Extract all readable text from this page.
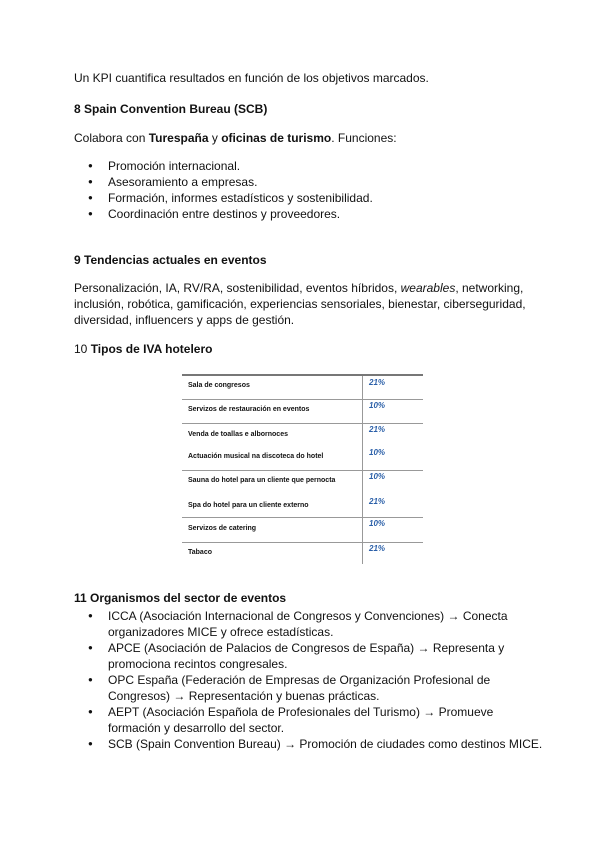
Un KPI cuantifica resultados en función de los objetivos marcados.

8 Spain Convention Bureau (SCB)

Colabora con Turespaña y oficinas de turismo. Funciones:

● Promoción internacional.
● Asesoramiento a empresas.
● Formación, informes estadísticos y sostenibilidad.
● Coordinación entre destinos y proveedores.

9 Tendencias actuales en eventos

Personalización, IA, RV/RA, sostenibilidad, eventos híbridos, wearables, networking, inclusión, robótica, gamificación, experiencias sensoriales, bienestar, ciberseguridad, diversidad, influencers y apps de gestión.

10 Tipos de IVA hotelero

Sala de congresos	21%
Servizos de restauración en eventos	10%
Venda de toallas e albornoces	21%
Actuación musical na discoteca do hotel	10%
Sauna do hotel para un cliente que pernocta	10%
Spa do hotel para un cliente externo	21%
Servizos de catering	10%
Tabaco	21%

11 Organismos del sector de eventos

● ICCA (Asociación Internacional de Congresos y Convenciones) → Conecta organizadores MICE y ofrece estadísticas.
● APCE (Asociación de Palacios de Congresos de España) → Representa y promociona recintos congresales.
● OPC España (Federación de Empresas de Organización Profesional de Congresos) → Representación y buenas prácticas.
● AEPT (Asociación Española de Profesionales del Turismo) → Promueve formación y desarrollo del sector.
● SCB (Spain Convention Bureau) → Promoción de ciudades como destinos MICE.
